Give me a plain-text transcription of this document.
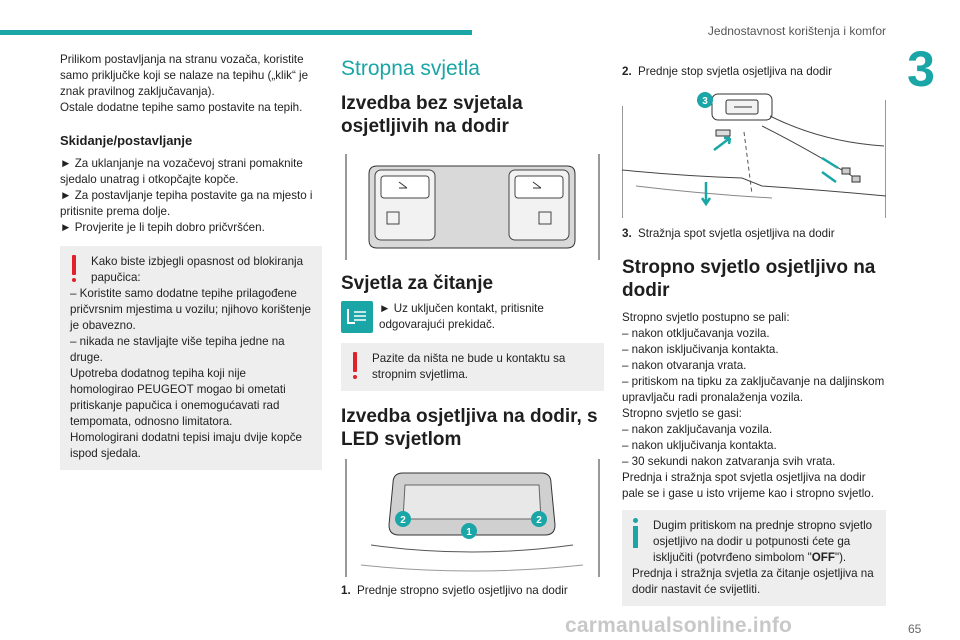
Jednostavnost korištenja i komfor
3

Prilikom postavljanja na stranu vozača, koristite samo priključke koji se nalaze na tepihu („klik“ je znak pravilnog zaključavanja).

Ostale dodatne tepihe samo postavite na tepih.

Skidanje/postavljanje

► Za uklanjanje na vozačevoj strani pomaknite sjedalo unatrag i otkopčajte kopče.

► Za postavljanje tepiha postavite ga na mjesto i pritisnite prema dolje.

► Provjerite je li tepih dobro pričvršćen.

Kako biste izbjegli opasnost od blokiranja papučica:

– Koristite samo dodatne tepihe prilagođene pričvrsnim mjestima u vozilu; njihovo korištenje je obavezno.

– nikada ne stavljajte više tepiha jedne na druge.

Upotreba dodatnog tepiha koji nije homologirao PEUGEOT mogao bi ometati pritiskanje papučica i onemogućavati rad tempomata, odnosno limitatora.

Homologirani dodatni tepisi imaju dvije kopče ispod sjedala.

Stropna svjetla
Izvedba bez svjetala osjetljivih na dodir
Svjetla za čitanje

► Uz uključen kontakt, pritisnite odgovarajući prekidač.

Pazite da ništa ne bude u kontaktu sa stropnim svjetlima.

Izvedba osjetljiva na dodir, s LED svjetlom
2
1
2
1. Prednje stropno svjetlo osjetljivo na dodir

2. Prednje stop svjetla osjetljiva na dodir

3
3. Stražnja spot svjetla osjetljiva na dodir

Stropno svjetlo osjetljivo na dodir

Stropno svjetlo postupno se pali:

– nakon otključavanja vozila.

– nakon isključivanja kontakta.

– nakon otvaranja vrata.

– pritiskom na tipku za zaključavanje na daljinskom upravljaču radi pronalaženja vozila.

Stropno svjetlo se gasi:

– nakon zaključavanja vozila.

– nakon uključivanja kontakta.

– 30 sekundi nakon zatvaranja svih vrata.

Prednja i stražnja spot svjetla osjetljiva na dodir pale se i gase u isto vrijeme kao i stropno svjetlo.

Dugim pritiskom na prednje stropno svjetlo osjetljivo na dodir u potpunosti ćete ga isključiti (potvrđeno simbolom "OFF").

Prednja i stražnja svjetla za čitanje osjetljiva na dodir nastavit će svijetliti.

carmanualsonline.info	65
